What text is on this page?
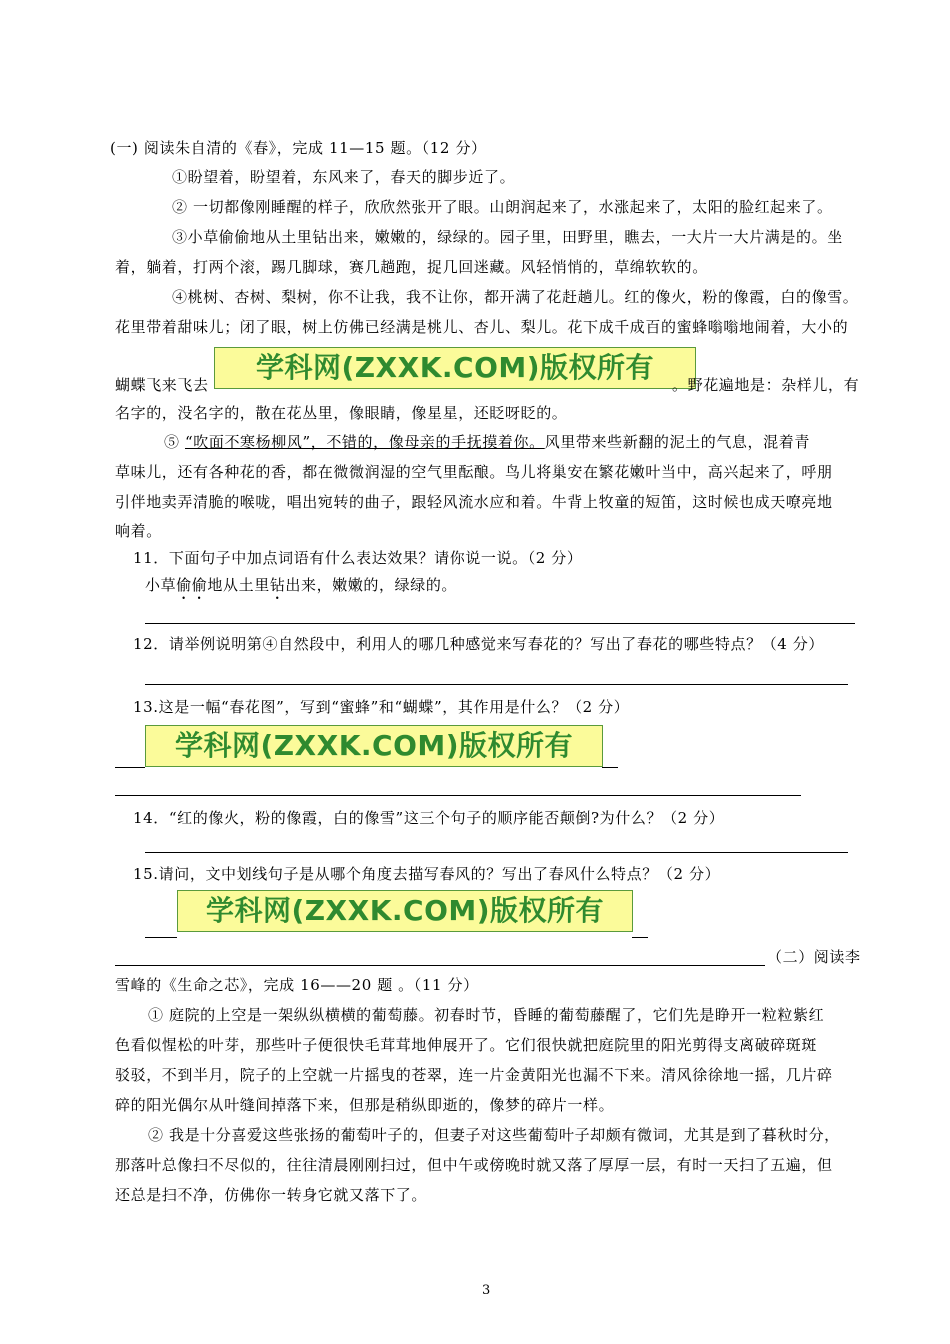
(一) 阅读朱自清的《春》，完成 11—15 题。（12 分）
①盼望着，盼望着，东风来了，春天的脚步近了。
② 一切都像刚睡醒的样子，欣欣然张开了眼。山朗润起来了，水涨起来了，太阳的脸红起来了。
③小草偷偷地从土里钻出来，嫩嫩的，绿绿的。园子里，田野里，瞧去，一大片一大片满是的。坐
着，躺着，打两个滚，踢几脚球，赛几趟跑，捉几回迷藏。风轻悄悄的，草绵软软的。
④桃树、杏树、梨树，你不让我，我不让你，都开满了花赶趟儿。红的像火，粉的像霞，白的像雪。
花里带着甜味儿；闭了眼，树上仿佛已经满是桃儿、杏儿、梨儿。花下成千成百的蜜蜂嗡嗡地闹着，大小的
蝴蝶飞来飞去
学科网(ZXXK.COM)版权所有
。野花遍地是：杂样儿，有
名字的，没名字的，散在花丛里，像眼睛，像星星，还眨呀眨的。
⑤ “吹面不寒杨柳风”，不错的，像母亲的手抚摸着你。风里带来些新翻的泥土的气息，混着青
草味儿，还有各种花的香，都在微微润湿的空气里酝酿。鸟儿将巢安在繁花嫩叶当中，高兴起来了，呼朋
引伴地卖弄清脆的喉咙，唱出宛转的曲子，跟轻风流水应和着。牛背上牧童的短笛，这时候也成天嘹亮地
响着。
11．下面句子中加点词语有什么表达效果？请你说一说。（2 分）
小草偷偷地从土里钻出来，嫩嫩的，绿绿的。
12．请举例说明第④自然段中，利用人的哪几种感觉来写春花的？写出了春花的哪些特点？（4 分）
13.这是一幅“春花图”，写到“蜜蜂”和“蝴蝶”，其作用是什么？（2 分）
学科网(ZXXK.COM)版权所有
14．“红的像火，粉的像霞，白的像雪”这三个句子的顺序能否颠倒?为什么？（2 分）
15.请问，文中划线句子是从哪个角度去描写春风的？写出了春风什么特点？（2 分）
学科网(ZXXK.COM)版权所有
（二）阅读李
雪峰的《生命之芯》，完成 16——20 题 。（11 分）
① 庭院的上空是一架纵纵横横的葡萄藤。初春时节，昏睡的葡萄藤醒了，它们先是睁开一粒粒紫红
色看似惺松的叶芽，那些叶子便很快毛茸茸地伸展开了。它们很快就把庭院里的阳光剪得支离破碎斑斑
驳驳，不到半月，院子的上空就一片摇曳的苍翠，连一片金黄阳光也漏不下来。清风徐徐地一摇，几片碎
碎的阳光偶尔从叶缝间掉落下来，但那是稍纵即逝的，像梦的碎片一样。
② 我是十分喜爱这些张扬的葡萄叶子的，但妻子对这些葡萄叶子却颇有微词，尤其是到了暮秋时分，
那落叶总像扫不尽似的，往往清晨刚刚扫过，但中午或傍晚时就又落了厚厚一层，有时一天扫了五遍，但
还总是扫不净，仿佛你一转身它就又落下了。
3
